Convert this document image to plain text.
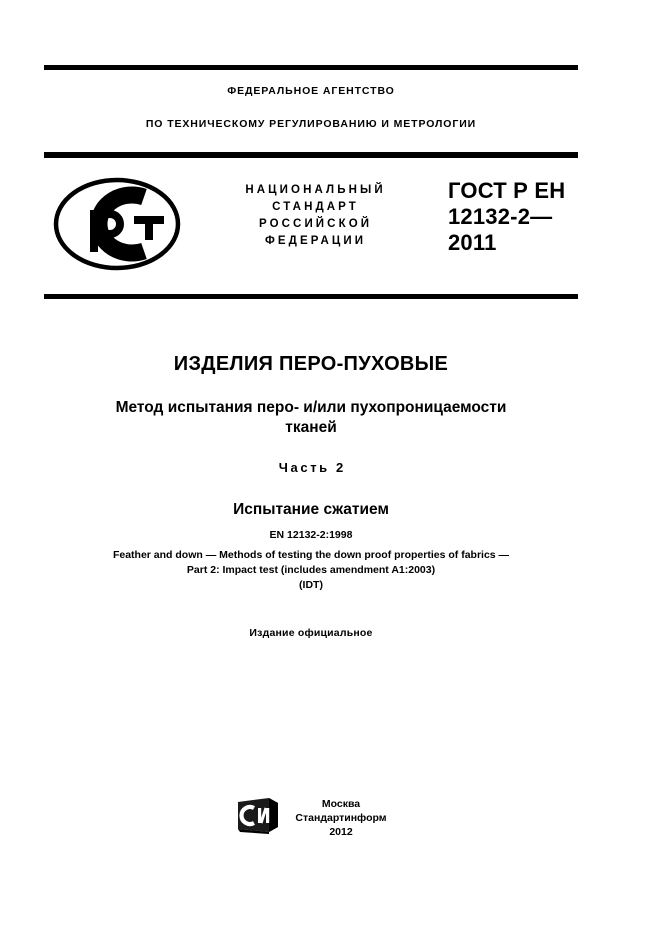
ФЕДЕРАЛЬНОЕ АГЕНТСТВО
ПО ТЕХНИЧЕСКОМУ РЕГУЛИРОВАНИЮ И МЕТРОЛОГИИ
НАЦИОНАЛЬНЫЙ
СТАНДАРТ
РОССИЙСКОЙ
ФЕДЕРАЦИИ
ГОСТ Р ЕН
12132-2—
2011
ИЗДЕЛИЯ ПЕРО-ПУХОВЫЕ
Метод испытания перо- и/или пухопроницаемости
тканей
Часть 2
Испытание сжатием
EN 12132-2:1998
Feather and down — Methods of testing the down proof properties of fabrics —
Part 2: Impact test (includes amendment A1:2003)
(IDT)
Издание официальное
Москва
Стандартинформ
2012
